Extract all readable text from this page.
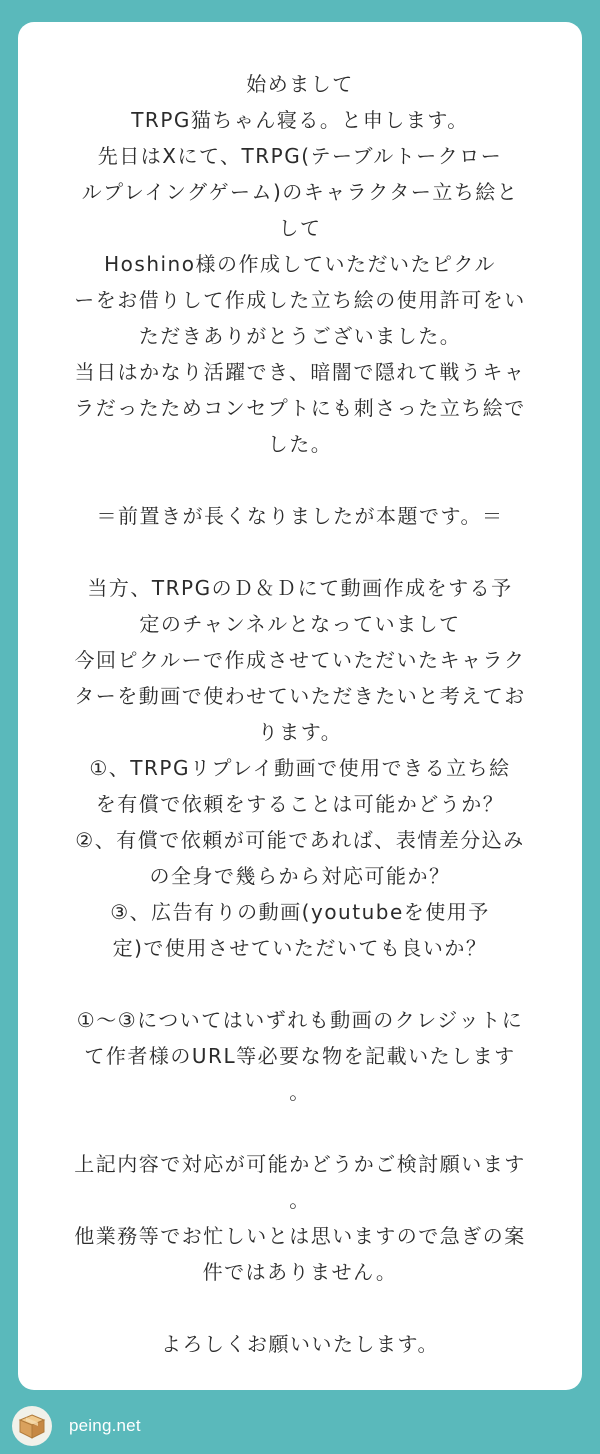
始めまして
TRPG猫ちゃん寝る。と申します。
先日はXにて、TRPG(テーブルトークロー
ルプレイングゲーム)のキャラクター立ち絵と
して
Hoshino様の作成していただいたピクル
ーをお借りして作成した立ち絵の使用許可をい
ただきありがとうございました。
当日はかなり活躍でき、暗闇で隠れて戦うキャ
ラだったためコンセプトにも刺さった立ち絵で
した。
＝前置きが長くなりましたが本題です。＝
当方、TRPGのＤ＆Ｄにて動画作成をする予
定のチャンネルとなっていまして
今回ピクルーで作成させていただいたキャラク
ターを動画で使わせていただきたいと考えてお
ります。
①、TRPGリプレイ動画で使用できる立ち絵
を有償で依頼をすることは可能かどうか？
②、有償で依頼が可能であれば、表情差分込み
の全身で幾らから対応可能か？
③、広告有りの動画(youtubeを使用予
定)で使用させていただいても良いか？
①～③についてはいずれも動画のクレジットに
て作者様のURL等必要な物を記載いたします
。
上記内容で対応が可能かどうかご検討願います
。
他業務等でお忙しいとは思いますので急ぎの案
件ではありません。
よろしくお願いいたします。
peing.net
